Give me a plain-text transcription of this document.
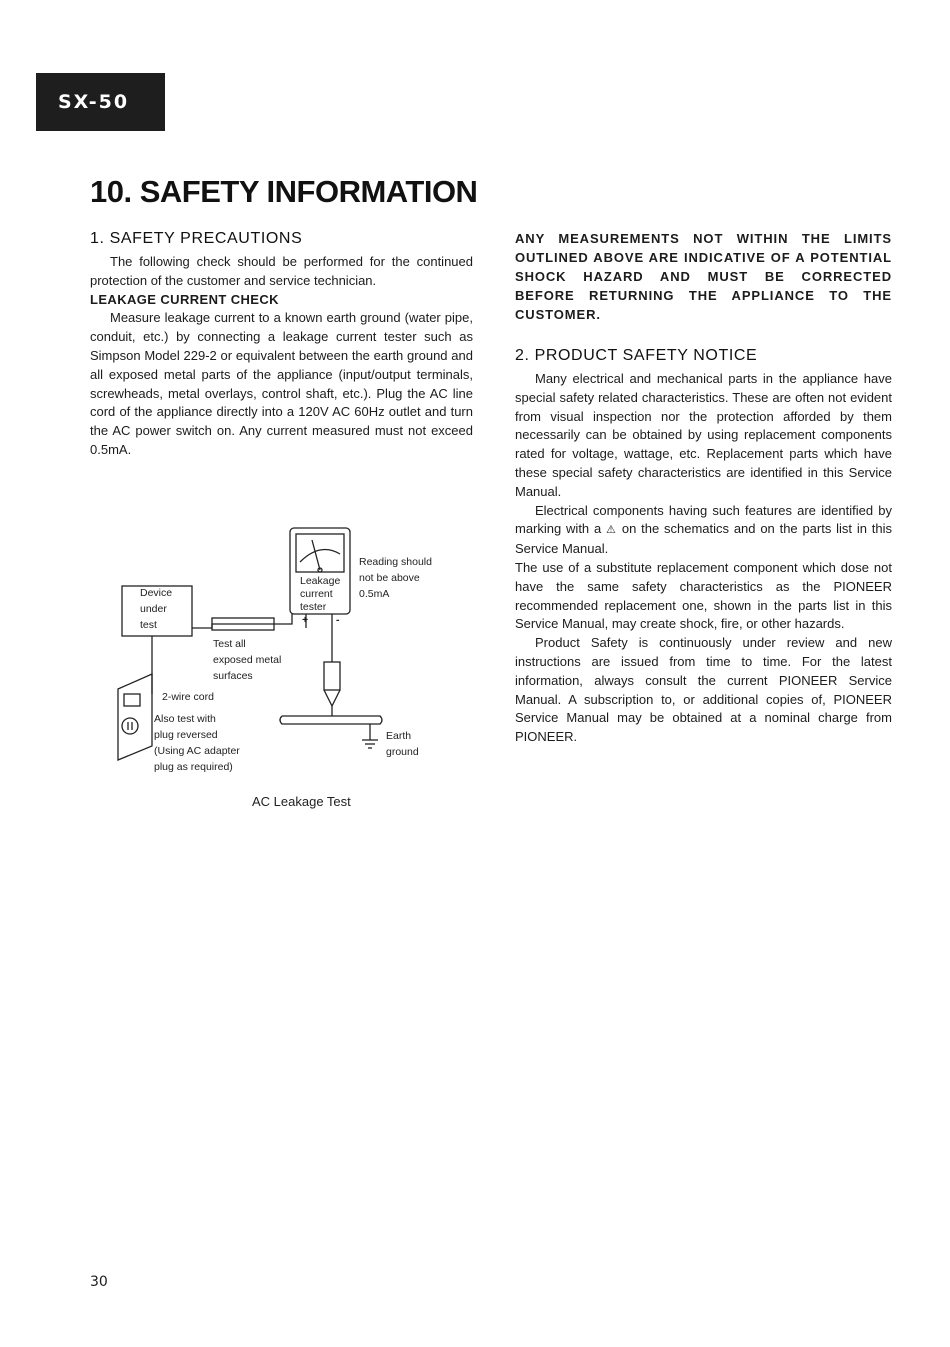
SX-50
10. SAFETY INFORMATION
1. SAFETY PRECAUTIONS

The following check should be performed for the continued protection of the customer and service technician.

LEAKAGE CURRENT CHECK

Measure leakage current to a known earth ground (water pipe, conduit, etc.) by connecting a leakage current tester such as Simpson Model 229-2 or equivalent between the earth ground and all exposed metal parts of the appliance (input/output terminals, screwheads, metal overlays, control shaft, etc.). Plug the AC line cord of the appliance directly into a 120V AC 60Hz outlet and turn the AC power switch on. Any current measured must not exceed 0.5mA.

Device
under
test
Leakage
current
tester
Reading should
not be above
0.5mA
+	-
Test all
exposed metal
surfaces
2-wire cord
Also test with
plug reversed
(Using AC adapter
plug as required)
Earth
ground
AC Leakage Test

ANY MEASUREMENTS NOT WITHIN THE LIMITS OUTLINED ABOVE ARE INDICATIVE OF A POTENTIAL SHOCK HAZARD AND MUST BE CORRECTED BEFORE RETURNING THE APPLIANCE TO THE CUSTOMER.

2. PRODUCT SAFETY NOTICE

Many electrical and mechanical parts in the appliance have special safety related characteristics. These are often not evident from visual inspection nor the protection afforded by them necessarily can be obtained by using replacement components rated for voltage, wattage, etc. Replacement parts which have these special safety characteristics are identified in this Service Manual.

Electrical components having such features are identified by marking with a ⚠ on the schematics and on the parts list in this Service Manual.

The use of a substitute replacement component which dose not have the same safety characteristics as the PIONEER recommended replacement one, shown in the parts list in this Service Manual, may create shock, fire, or other hazards.

Product Safety is continuously under review and new instructions are issued from time to time. For the latest information, always consult the current PIONEER Service Manual. A subscription to, or additional copies of, PIONEER Service Manual may be obtained at a nominal charge from PIONEER.

30
